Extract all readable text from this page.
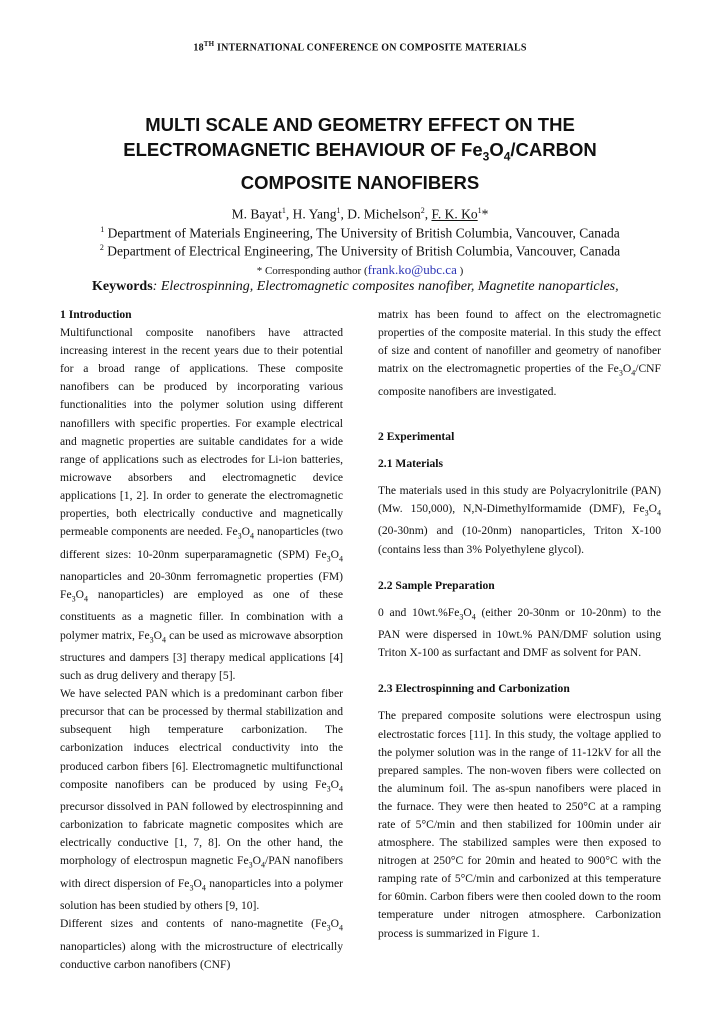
18TH INTERNATIONAL CONFERENCE ON COMPOSITE MATERIALS
MULTI SCALE AND GEOMETRY EFFECT ON THE
ELECTROMAGNETIC BEHAVIOUR OF $Fe_3O_4$/CARBON
COMPOSITE NANOFIBERS
M. Bayat$^1$, H. Yang$^1$, D. Michelson$^2$, F. K. Ko$^1$*
$^1$ Department of Materials Engineering, The University of British Columbia, Vancouver, Canada
$^2$ Department of Electrical Engineering, The University of British Columbia, Vancouver, Canada
* Corresponding author (frank.ko@ubc.ca )
Keywords: Electrospinning, Electromagnetic composites nanofiber, Magnetite nanoparticles,
1 Introduction

Multifunctional composite nanofibers have attracted increasing interest in the recent years due to their potential for a broad range of applications. These composite nanofibers can be produced by incorporating various functionalities into the polymer solution using different nanofillers with specific properties. For example electrical and magnetic properties are suitable candidates for a wide range of applications such as electrodes for Li-ion batteries, microwave absorbers and electromagnetic device applications [1, 2]. In order to generate the electromagnetic properties, both electrically conductive and magnetically permeable components are needed. $Fe_3O_4$ nanoparticles (two different sizes: 10-20nm superparamagnetic (SPM) $Fe_3O_4$ nanoparticles and 20-30nm ferromagnetic properties (FM) $Fe_3O_4$ nanoparticles) are employed as one of these constituents as a magnetic filler. In combination with a polymer matrix, $Fe_3O_4$ can be used as microwave absorption structures and dampers [3] therapy medical applications [4] such as drug delivery and therapy [5].

We have selected PAN which is a predominant carbon fiber precursor that can be processed by thermal stabilization and subsequent high temperature carbonization. The carbonization induces electrical conductivity into the produced carbon fibers [6]. Electromagnetic multifunctional composite nanofibers can be produced by using $Fe_3O_4$ precursor dissolved in PAN followed by electrospinning and carbonization to fabricate magnetic composites which are electrically conductive [1, 7, 8]. On the other hand, the morphology of electrospun magnetic $Fe_3O_4$/PAN nanofibers with direct dispersion of $Fe_3O_4$ nanoparticles into a polymer solution has been studied by others [9, 10].

Different sizes and contents of nano-magnetite ($Fe_3O_4$ nanoparticles) along with the microstructure of electrically conductive carbon nanofibers (CNF)

matrix has been found to affect on the electromagnetic properties of the composite material. In this study the effect of size and content of nanofiller and geometry of nanofiber matrix on the electromagnetic properties of the $Fe_3O_4$/CNF composite nanofibers are investigated.

2 Experimental
2.1 Materials

The materials used in this study are Polyacrylonitrile (PAN) (Mw. 150,000), N,N-Dimethylformamide (DMF), $Fe_3O_4$ (20-30nm) and (10-20nm) nanoparticles, Triton X-100 (contains less than 3% Polyethylene glycol).

2.2 Sample Preparation

0 and $10wt.\%Fe_3O_4$ (either 20-30nm or 10-20nm) to the PAN were dispersed in 10wt.% PAN/DMF solution using Triton X-100 as surfactant and DMF as solvent for PAN.

2.3 Electrospinning and Carbonization

The prepared composite solutions were electrospun using electrostatic forces [11]. In this study, the voltage applied to the polymer solution was in the range of 11-12kV for all the prepared samples. The non-woven fibers were collected on the aluminum foil. The as-spun nanofibers were placed in the furnace. They were then heated to 250°C at a ramping rate of 5°C/min and then stabilized for 100min under air atmosphere. The stabilized samples were then exposed to nitrogen at 250°C for 20min and heated to 900°C with the ramping rate of 5°C/min and carbonized at this temperature for 60min. Carbon fibers were then cooled down to the room temperature under nitrogen atmosphere. Carbonization process is summarized in Figure 1.
